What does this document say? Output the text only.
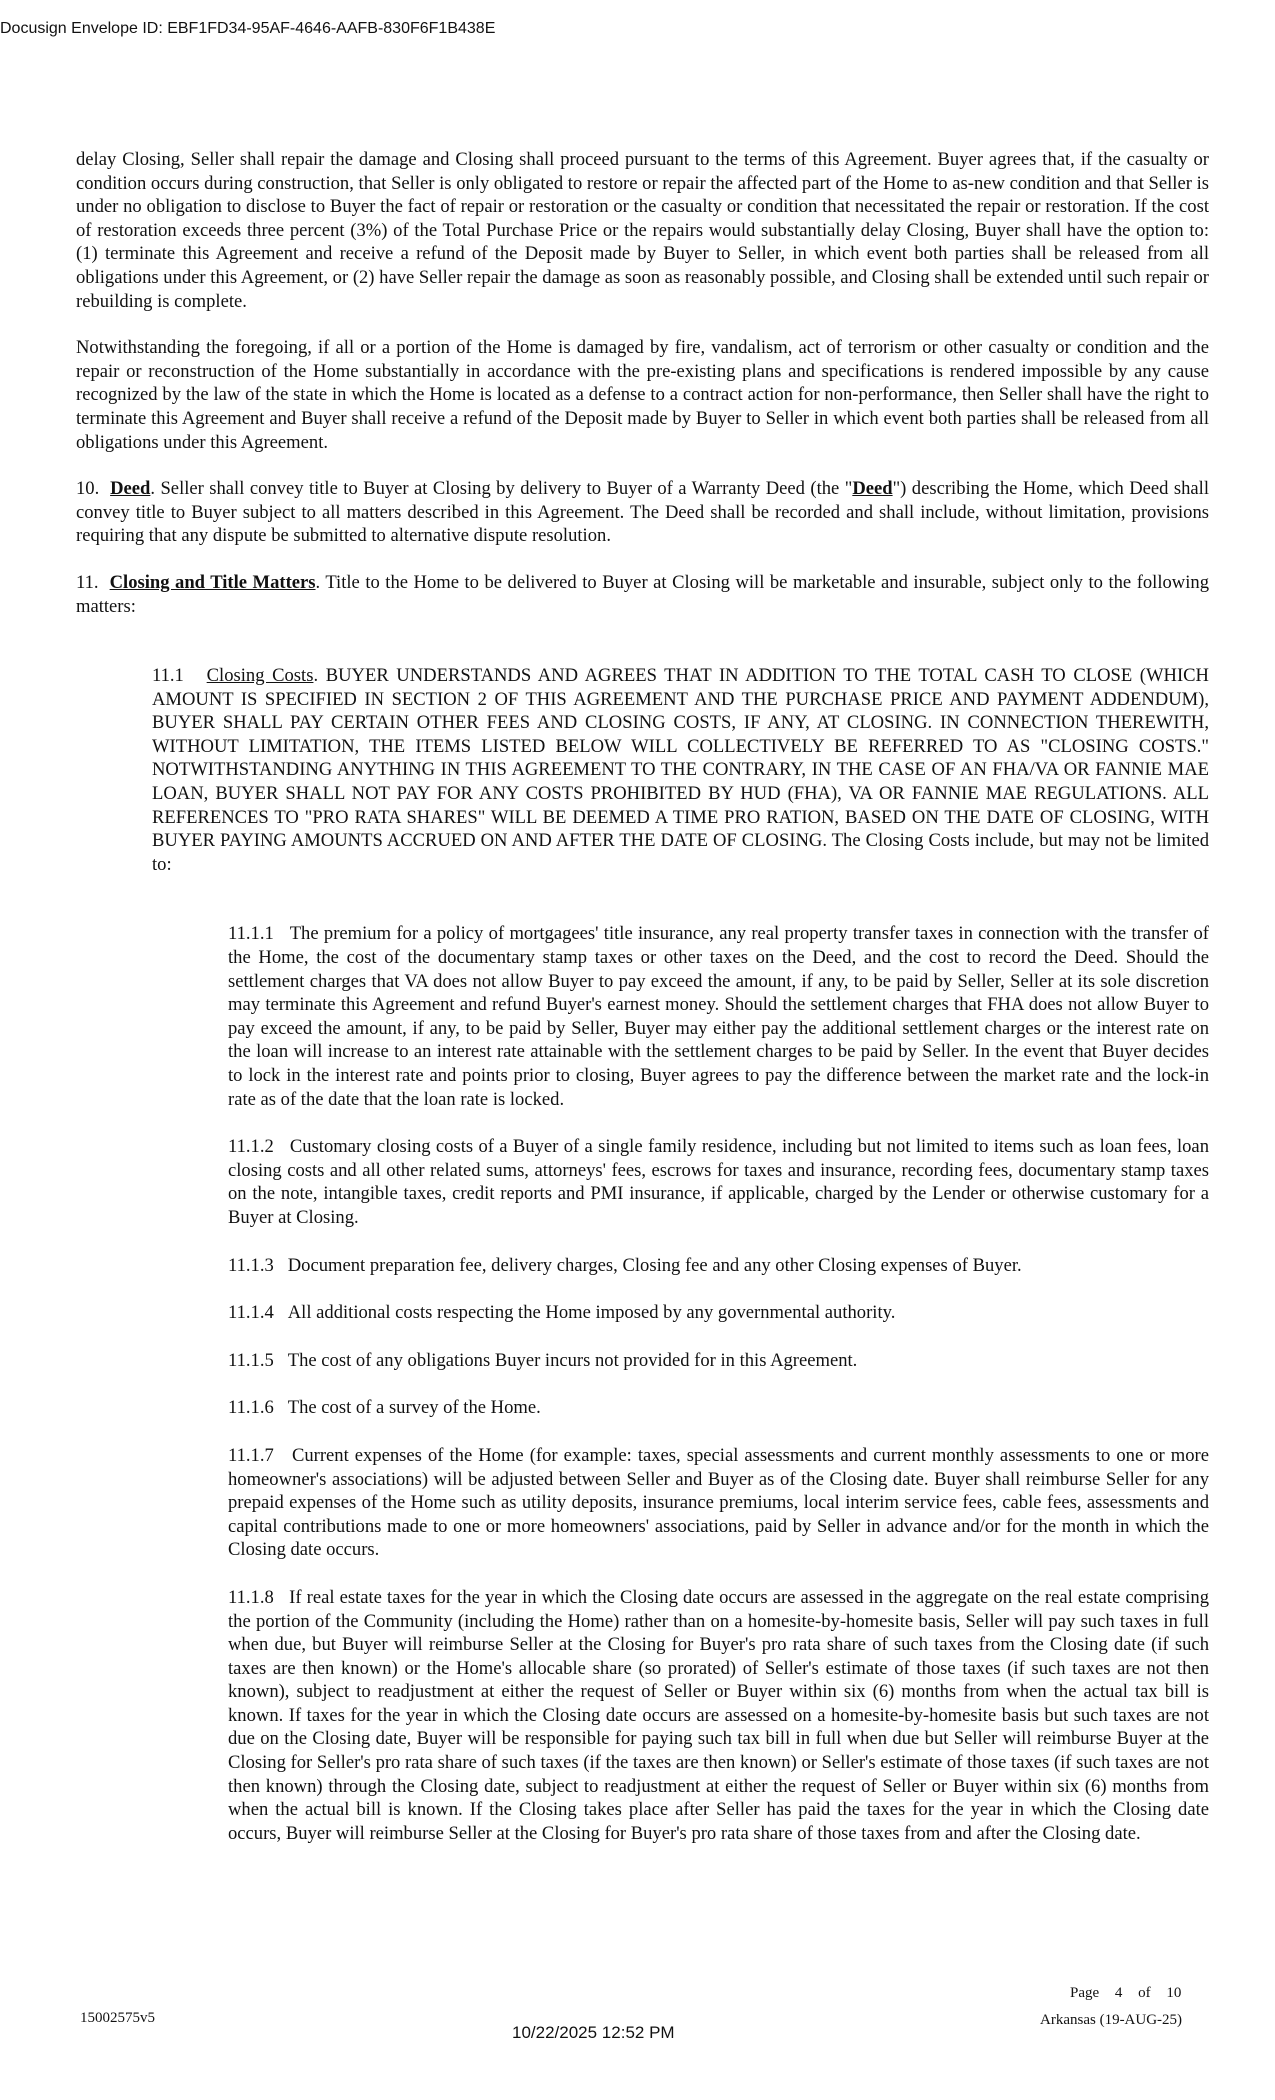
Docusign Envelope ID: EBF1FD34-95AF-4646-AAFB-830F6F1B438E

delay Closing, Seller shall repair the damage and Closing shall proceed pursuant to the terms of this Agreement. Buyer agrees that, if the casualty or condition occurs during construction, that Seller is only obligated to restore or repair the affected part of the Home to as-new condition and that Seller is under no obligation to disclose to Buyer the fact of repair or restoration or the casualty or condition that necessitated the repair or restoration. If the cost of restoration exceeds three percent (3%) of the Total Purchase Price or the repairs would substantially delay Closing, Buyer shall have the option to: (1) terminate this Agreement and receive a refund of the Deposit made by Buyer to Seller, in which event both parties shall be released from all obligations under this Agreement, or (2) have Seller repair the damage as soon as reasonably possible, and Closing shall be extended until such repair or rebuilding is complete.

Notwithstanding the foregoing, if all or a portion of the Home is damaged by fire, vandalism, act of terrorism or other casualty or condition and the repair or reconstruction of the Home substantially in accordance with the pre-existing plans and specifications is rendered impossible by any cause recognized by the law of the state in which the Home is located as a defense to a contract action for non-performance, then Seller shall have the right to terminate this Agreement and Buyer shall receive a refund of the Deposit made by Buyer to Seller in which event both parties shall be released from all obligations under this Agreement.

10. Deed. Seller shall convey title to Buyer at Closing by delivery to Buyer of a Warranty Deed (the "Deed") describing the Home, which Deed shall convey title to Buyer subject to all matters described in this Agreement. The Deed shall be recorded and shall include, without limitation, provisions requiring that any dispute be submitted to alternative dispute resolution.

11. Closing and Title Matters. Title to the Home to be delivered to Buyer at Closing will be marketable and insurable, subject only to the following matters:

11.1 Closing Costs. BUYER UNDERSTANDS AND AGREES THAT IN ADDITION TO THE TOTAL CASH TO CLOSE (WHICH AMOUNT IS SPECIFIED IN SECTION 2 OF THIS AGREEMENT AND THE PURCHASE PRICE AND PAYMENT ADDENDUM), BUYER SHALL PAY CERTAIN OTHER FEES AND CLOSING COSTS, IF ANY, AT CLOSING. IN CONNECTION THEREWITH, WITHOUT LIMITATION, THE ITEMS LISTED BELOW WILL COLLECTIVELY BE REFERRED TO AS "CLOSING COSTS." NOTWITHSTANDING ANYTHING IN THIS AGREEMENT TO THE CONTRARY, IN THE CASE OF AN FHA/VA OR FANNIE MAE LOAN, BUYER SHALL NOT PAY FOR ANY COSTS PROHIBITED BY HUD (FHA), VA OR FANNIE MAE REGULATIONS. ALL REFERENCES TO "PRO RATA SHARES" WILL BE DEEMED A TIME PRO RATION, BASED ON THE DATE OF CLOSING, WITH BUYER PAYING AMOUNTS ACCRUED ON AND AFTER THE DATE OF CLOSING. The Closing Costs include, but may not be limited to:

11.1.1 The premium for a policy of mortgagees' title insurance, any real property transfer taxes in connection with the transfer of the Home, the cost of the documentary stamp taxes or other taxes on the Deed, and the cost to record the Deed. Should the settlement charges that VA does not allow Buyer to pay exceed the amount, if any, to be paid by Seller, Seller at its sole discretion may terminate this Agreement and refund Buyer's earnest money. Should the settlement charges that FHA does not allow Buyer to pay exceed the amount, if any, to be paid by Seller, Buyer may either pay the additional settlement charges or the interest rate on the loan will increase to an interest rate attainable with the settlement charges to be paid by Seller. In the event that Buyer decides to lock in the interest rate and points prior to closing, Buyer agrees to pay the difference between the market rate and the lock-in rate as of the date that the loan rate is locked.

11.1.2 Customary closing costs of a Buyer of a single family residence, including but not limited to items such as loan fees, loan closing costs and all other related sums, attorneys' fees, escrows for taxes and insurance, recording fees, documentary stamp taxes on the note, intangible taxes, credit reports and PMI insurance, if applicable, charged by the Lender or otherwise customary for a Buyer at Closing.

11.1.3 Document preparation fee, delivery charges, Closing fee and any other Closing expenses of Buyer.

11.1.4 All additional costs respecting the Home imposed by any governmental authority.

11.1.5 The cost of any obligations Buyer incurs not provided for in this Agreement.

11.1.6 The cost of a survey of the Home.

11.1.7 Current expenses of the Home (for example: taxes, special assessments and current monthly assessments to one or more homeowner's associations) will be adjusted between Seller and Buyer as of the Closing date. Buyer shall reimburse Seller for any prepaid expenses of the Home such as utility deposits, insurance premiums, local interim service fees, cable fees, assessments and capital contributions made to one or more homeowners' associations, paid by Seller in advance and/or for the month in which the Closing date occurs.

11.1.8 If real estate taxes for the year in which the Closing date occurs are assessed in the aggregate on the real estate comprising the portion of the Community (including the Home) rather than on a homesite-by-homesite basis, Seller will pay such taxes in full when due, but Buyer will reimburse Seller at the Closing for Buyer's pro rata share of such taxes from the Closing date (if such taxes are then known) or the Home's allocable share (so prorated) of Seller's estimate of those taxes (if such taxes are not then known), subject to readjustment at either the request of Seller or Buyer within six (6) months from when the actual tax bill is known. If taxes for the year in which the Closing date occurs are assessed on a homesite-by-homesite basis but such taxes are not due on the Closing date, Buyer will be responsible for paying such tax bill in full when due but Seller will reimburse Buyer at the Closing for Seller's pro rata share of such taxes (if the taxes are then known) or Seller's estimate of those taxes (if such taxes are not then known) through the Closing date, subject to readjustment at either the request of Seller or Buyer within six (6) months from when the actual bill is known. If the Closing takes place after Seller has paid the taxes for the year in which the Closing date occurs, Buyer will reimburse Seller at the Closing for Buyer's pro rata share of those taxes from and after the Closing date.

Page 4 of 10
15002575v5	Arkansas (19-AUG-25)
10/22/2025 12:52 PM
